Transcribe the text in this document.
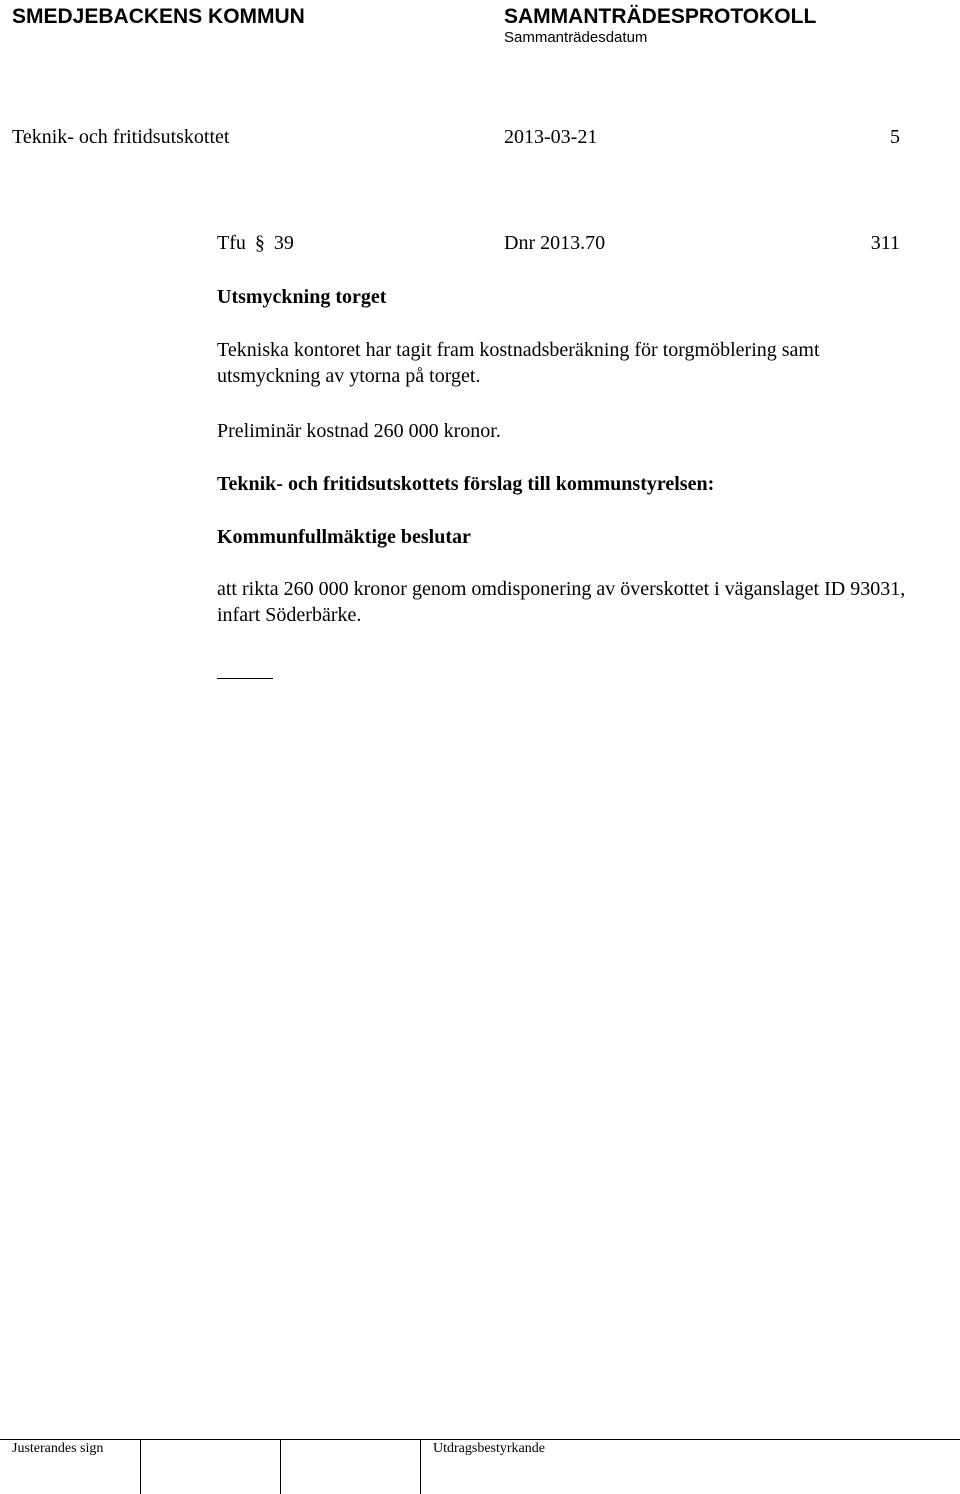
SMEDJEBACKENS KOMMUN	SAMMANTRÄDESPROTOKOLL
Sammanträdesdatum
Teknik- och fritidsutskottet	2013-03-21	5
Tfu § 39	Dnr 2013.70	311
Utsmyckning torget
Tekniska kontoret har tagit fram kostnadsberäkning för torgmöblering samt utsmyckning av ytorna på torget.
Preliminär kostnad 260 000 kronor.
Teknik- och fritidsutskottets förslag till kommunstyrelsen:
Kommunfullmäktige beslutar
att rikta 260 000 kronor genom omdisponering av överskottet i väganslaget ID 93031, infart Söderbärke.
Justerandes sign	Utdragsbestyrkande
